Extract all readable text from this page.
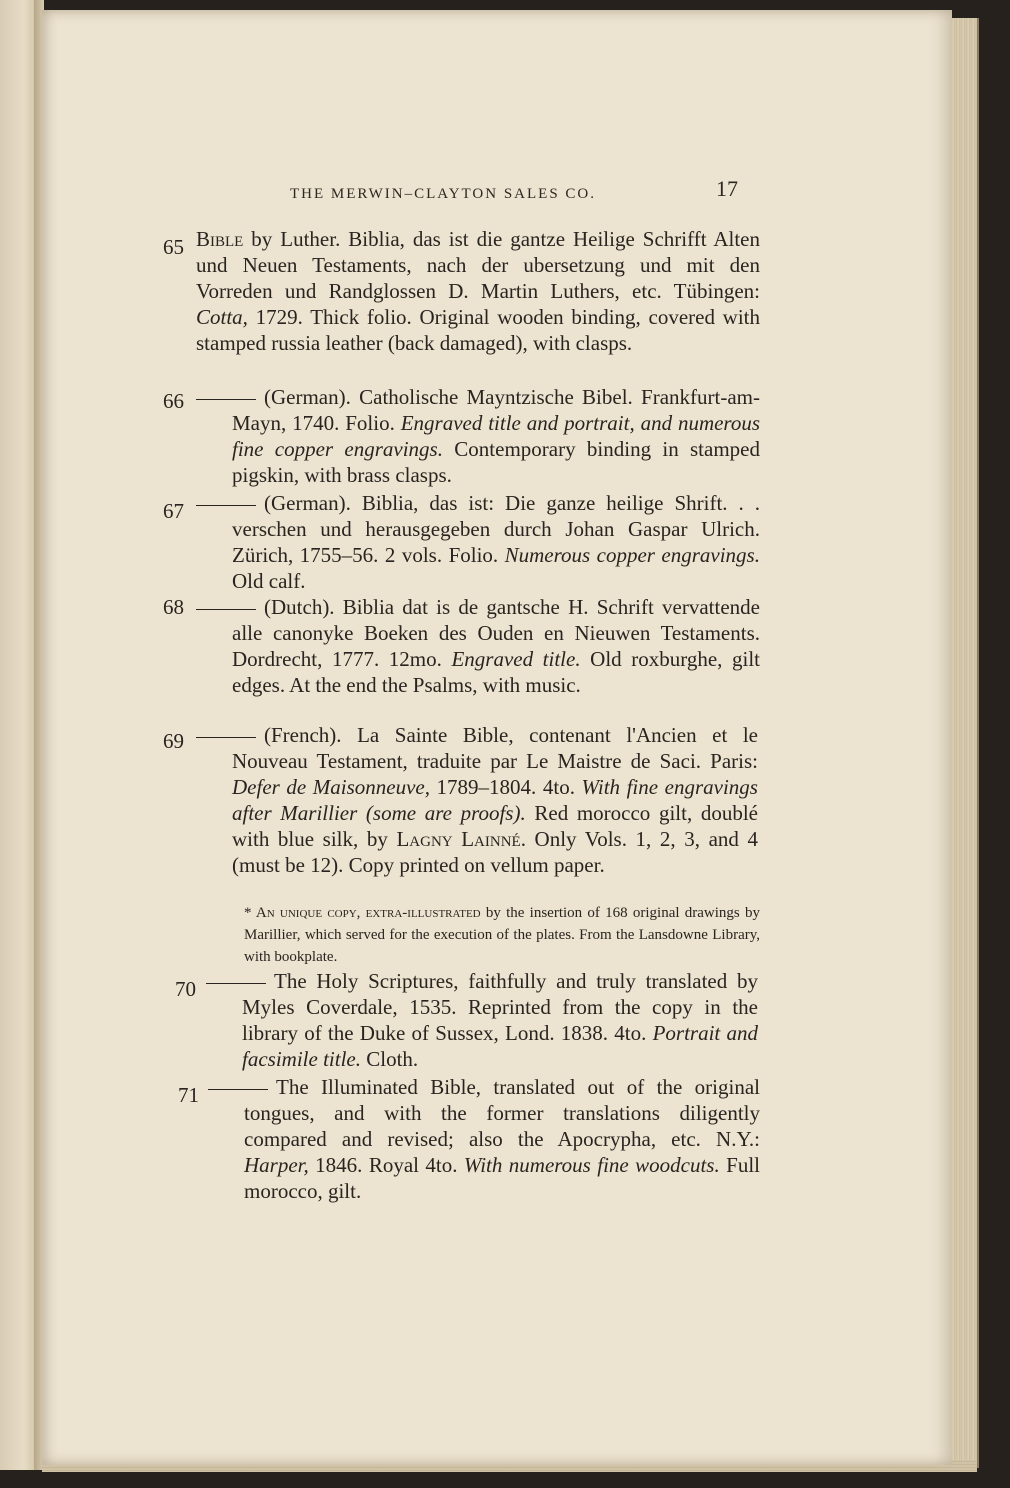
THE MERWIN–CLAYTON SALES CO.	17
65 Bible by Luther. Biblia, das ist die gantze Heilige Schrifft Alten und Neuen Testaments, nach der ubersetzung und mit den Vorreden und Randglossen D. Martin Luthers, etc. Tübingen: Cotta, 1729. Thick folio. Original wooden binding, covered with stamped russia leather (back damaged), with clasps.
66	(German). Catholische Mayntzische Bibel. Frankfurt-am-Mayn, 1740. Folio. Engraved title and portrait, and numerous fine copper engravings. Contemporary binding in stamped pigskin, with brass clasps.
67	(German). Biblia, das ist: Die ganze heilige Shrift. . . verschen und herausgegeben durch Johan Gaspar Ulrich. Zürich, 1755–56. 2 vols. Folio. Numerous copper engravings. Old calf.
68	(Dutch). Biblia dat is de gantsche H. Schrift vervattende alle canonyke Boeken des Ouden en Nieuwen Testaments. Dordrecht, 1777. 12mo. Engraved title. Old roxburghe, gilt edges. At the end the Psalms, with music.
69	(French). La Sainte Bible, contenant l'Ancien et le Nouveau Testament, traduite par Le Maistre de Saci. Paris: Defer de Maisonneuve, 1789–1804. 4to. With fine engravings after Marillier (some are proofs). Red morocco gilt, doublé with blue silk, by Lagny Lainné. Only Vols. 1, 2, 3, and 4 (must be 12). Copy printed on vellum paper.
* An unique copy, extra-illustrated by the insertion of 168 original drawings by Marillier, which served for the execution of the plates. From the Lansdowne Library, with bookplate.
70	The Holy Scriptures, faithfully and truly translated by Myles Coverdale, 1535. Reprinted from the copy in the library of the Duke of Sussex, Lond. 1838. 4to. Portrait and facsimile title. Cloth.
71	The Illuminated Bible, translated out of the original tongues, and with the former translations diligently compared and revised; also the Apocrypha, etc. N.Y.: Harper, 1846. Royal 4to. With numerous fine woodcuts. Full morocco, gilt.
